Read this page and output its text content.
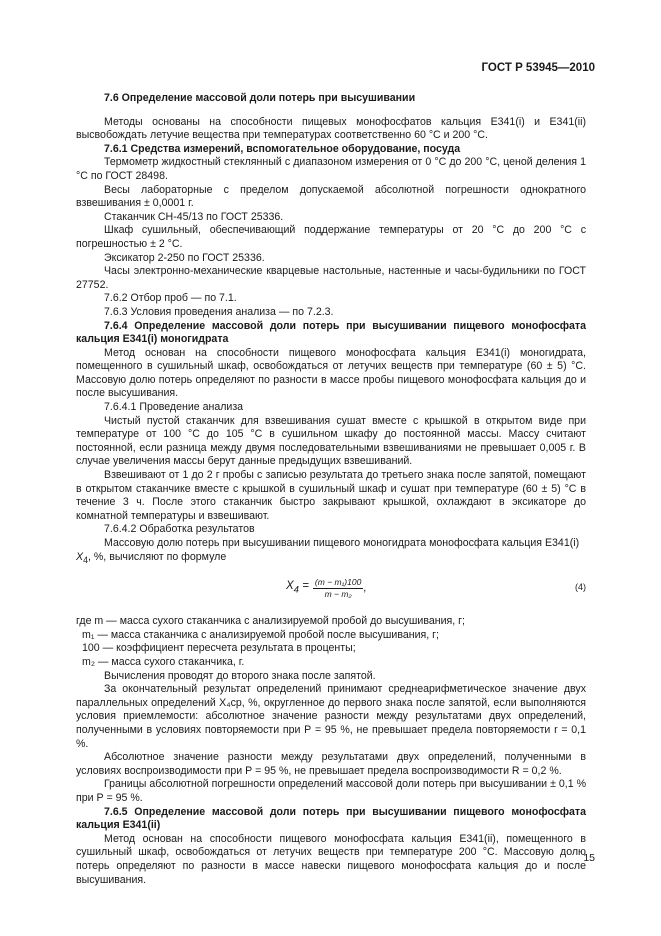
ГОСТ Р 53945—2010

7.6 Определение массовой доли потерь при высушивании

Методы основаны на способности пищевых монофосфатов кальция Е341(i) и Е341(ii) высвобождать летучие вещества при температурах соответственно 60 °С и 200 °С.

7.6.1 Средства измерений, вспомогательное оборудование, посуда

Термометр жидкостный стеклянный с диапазоном измерения от 0 °С до 200 °С, ценой деления 1 °С по ГОСТ 28498.

Весы лабораторные с пределом допускаемой абсолютной погрешности однократного взвешивания ± 0,0001 г.

Стаканчик СН-45/13 по ГОСТ 25336.

Шкаф сушильный, обеспечивающий поддержание температуры от 20 °С до 200 °С с погрешностью ± 2 °С.

Эксикатор 2-250 по ГОСТ 25336.

Часы электронно-механические кварцевые настольные, настенные и часы-будильники по ГОСТ 27752.

7.6.2 Отбор проб — по 7.1.

7.6.3 Условия проведения анализа — по 7.2.3.

7.6.4 Определение массовой доли потерь при высушивании пищевого монофосфата кальция Е341(i) моногидрата

Метод основан на способности пищевого монофосфата кальция Е341(i) моногидрата, помещенного в сушильный шкаф, освобождаться от летучих веществ при температуре (60 ± 5) °С. Массовую долю потерь определяют по разности в массе пробы пищевого монофосфата кальция до и после высушивания.

7.6.4.1 Проведение анализа

Чистый пустой стаканчик для взвешивания сушат вместе с крышкой в открытом виде при температуре от 100 °С до 105 °С в сушильном шкафу до постоянной массы. Массу считают постоянной, если разница между двумя последовательными взвешиваниями не превышает 0,005 г. В случае увеличения массы берут данные предыдущих взвешиваний.

Взвешивают от 1 до 2 г пробы с записью результата до третьего знака после запятой, помещают в открытом стаканчике вместе с крышкой в сушильный шкаф и сушат при температуре (60 ± 5) °С в течение 3 ч. После этого стаканчик быстро закрывают крышкой, охлаждают в эксикаторе до комнатной температуры и взвешивают.

7.6.4.2 Обработка результатов

Массовую долю потерь при высушивании пищевого моногидрата монофосфата кальция Е341(i)
$X_4$, %, вычисляют по формуле

$X_4 = \frac{\text{(m − m₁)100}}{\text{m − m₂}}$ ,	(4)

где m — масса сухого стаканчика с анализируемой пробой до высушивания, г;

m₁ — масса стаканчика с анализируемой пробой после высушивания, г;

100 — коэффициент пересчета результата в проценты;

m₂ — масса сухого стаканчика, г.

Вычисления проводят до второго знака после запятой.

За окончательный результат определений принимают среднеарифметическое значение двух параллельных определений X₄ср, %, округленное до первого знака после запятой, если выполняются условия приемлемости: абсолютное значение разности между результатами двух определений, полученными в условиях повторяемости при Р = 95 %, не превышает предела повторяемости r = 0,1 %.

Абсолютное значение разности между результатами двух определений, полученными в условиях воспроизводимости при Р = 95 %, не превышает предела воспроизводимости R = 0,2 %.

Границы абсолютной погрешности определений массовой доли потерь при высушивании ± 0,1 % при Р = 95 %.

7.6.5 Определение массовой доли потерь при высушивании пищевого монофосфата кальция Е341(ii)

Метод основан на способности пищевого монофосфата кальция Е341(ii), помещенного в сушильный шкаф, освобождаться от летучих веществ при температуре 200 °С. Массовую долю потерь определяют по разности в массе навески пищевого монофосфата кальция до и после высушивания.

15
